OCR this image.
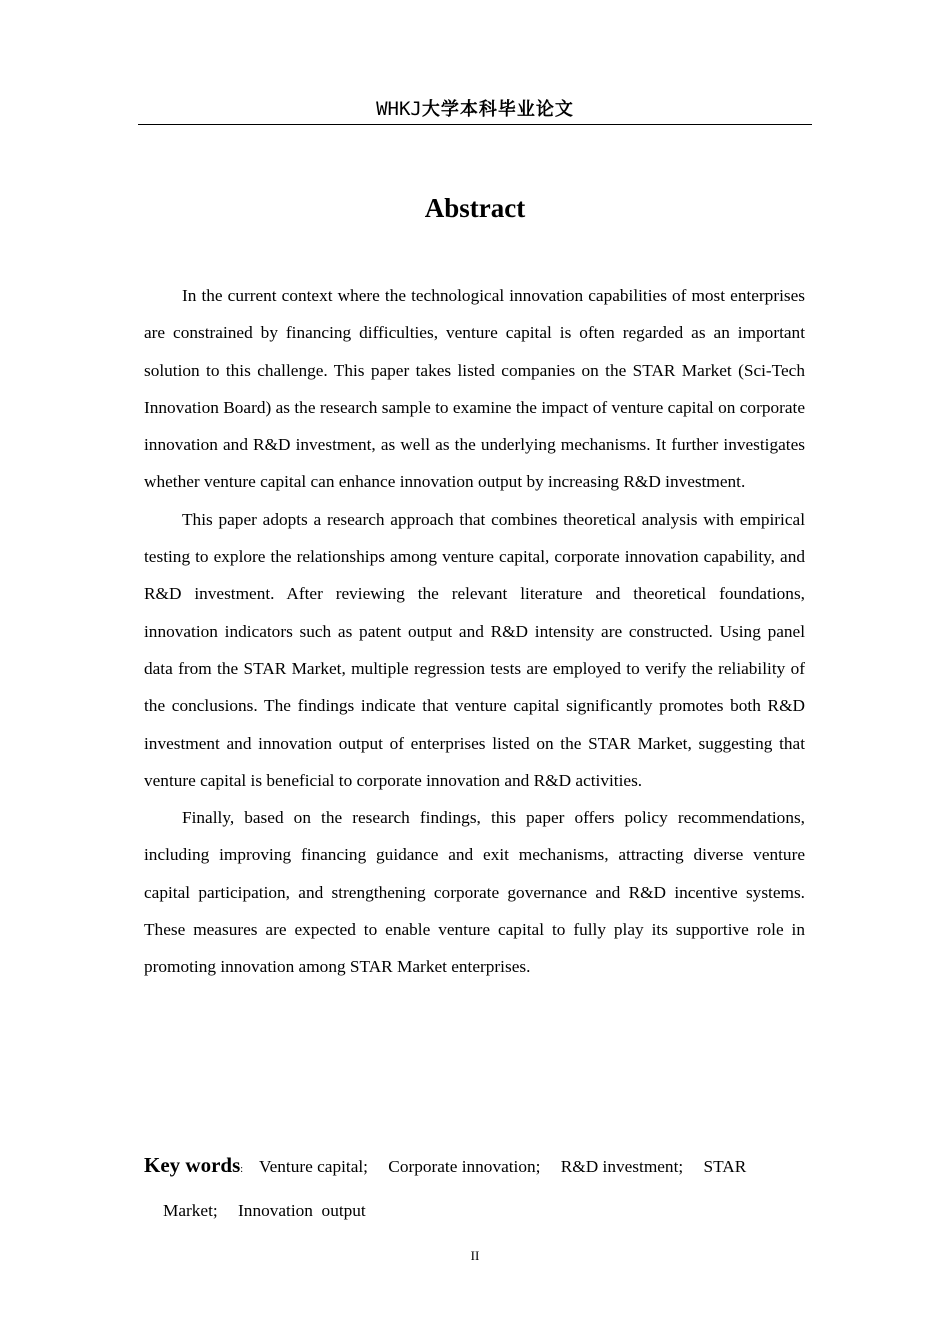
WHKJ大学本科毕业论文
Abstract

In the current context where the technological innovation capabilities of most enterprises are constrained by financing difficulties, venture capital is often regarded as an important solution to this challenge. This paper takes listed companies on the STAR Market (Sci-Tech Innovation Board) as the research sample to examine the impact of venture capital on corporate innovation and R&D investment, as well as the underlying mechanisms. It further investigates whether venture capital can enhance innovation output by increasing R&D investment.

This paper adopts a research approach that combines theoretical analysis with empirical testing to explore the relationships among venture capital, corporate innovation capability, and R&D investment. After reviewing the relevant literature and theoretical foundations, innovation indicators such as patent output and R&D intensity are constructed. Using panel data from the STAR Market, multiple regression tests are employed to verify the reliability of the conclusions. The findings indicate that venture capital significantly promotes both R&D investment and innovation output of enterprises listed on the STAR Market, suggesting that venture capital is beneficial to corporate innovation and R&D activities.

Finally, based on the research findings, this paper offers policy recommendations, including improving financing guidance and exit mechanisms, attracting diverse venture capital participation, and strengthening corporate governance and R&D incentive systems. These measures are expected to enable venture capital to fully play its supportive role in promoting innovation among STAR Market enterprises.

Key words: Venture capital; Corporate innovation; R&D investment; STAR
Market; Innovation  output
II
